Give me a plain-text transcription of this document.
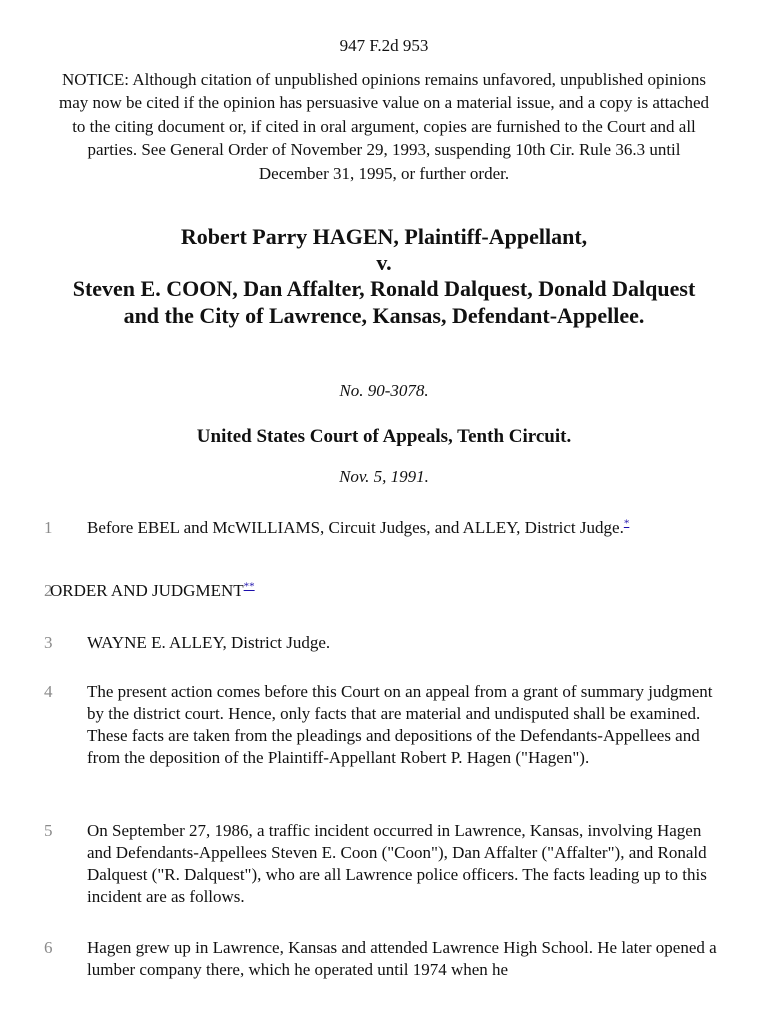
947 F.2d 953
NOTICE: Although citation of unpublished opinions remains unfavored, unpublished opinions may now be cited if the opinion has persuasive value on a material issue, and a copy is attached to the citing document or, if cited in oral argument, copies are furnished to the Court and all parties. See General Order of November 29, 1993, suspending 10th Cir. Rule 36.3 until December 31, 1995, or further order.
Robert Parry HAGEN, Plaintiff-Appellant,
v.
Steven E. COON, Dan Affalter, Ronald Dalquest, Donald Dalquest and the City of Lawrence, Kansas, Defendant-Appellee.
No. 90-3078.
United States Court of Appeals, Tenth Circuit.
Nov. 5, 1991.
1 Before EBEL and McWILLIAMS, Circuit Judges, and ALLEY, District Judge.*
2
ORDER AND JUDGMENT**
3 WAYNE E. ALLEY, District Judge.
4 The present action comes before this Court on an appeal from a grant of summary judgment by the district court. Hence, only facts that are material and undisputed shall be examined. These facts are taken from the pleadings and depositions of the Defendants-Appellees and from the deposition of the Plaintiff-Appellant Robert P. Hagen ("Hagen").
5 On September 27, 1986, a traffic incident occurred in Lawrence, Kansas, involving Hagen and Defendants-Appellees Steven E. Coon ("Coon"), Dan Affalter ("Affalter"), and Ronald Dalquest ("R. Dalquest"), who are all Lawrence police officers. The facts leading up to this incident are as follows.
6 Hagen grew up in Lawrence, Kansas and attended Lawrence High School. He later opened a lumber company there, which he operated until 1974 when he
